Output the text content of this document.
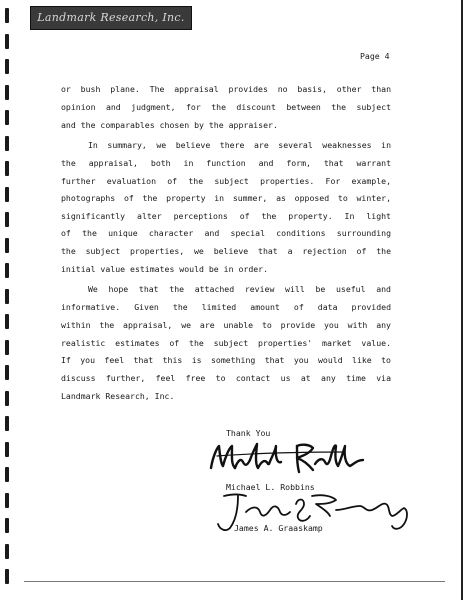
Landmark Research, Inc.
Page 4
or bush plane. The appraisal provides no basis, other than
opinion and judgment, for the discount between the subject
and the comparables chosen by the appraiser.
In summary, we believe there are several weaknesses in
the appraisal, both in function and form, that warrant
further evaluation of the subject properties. For example,
photographs of the property in summer, as opposed to winter,
significantly alter perceptions of the property. In light
of the unique character and special conditions surrounding
the subject properties, we believe that a rejection of the
initial value estimates would be in order.
We hope that the attached review will be useful and
informative. Given the limited amount of data provided
within the appraisal, we are unable to provide you with any
realistic estimates of the subject properties' market value.
If you feel that this is something that you would like to
discuss further, feel free to contact us at any time via
Landmark Research, Inc.
Thank You
Michael L. Robbins
James A. Graaskamp
